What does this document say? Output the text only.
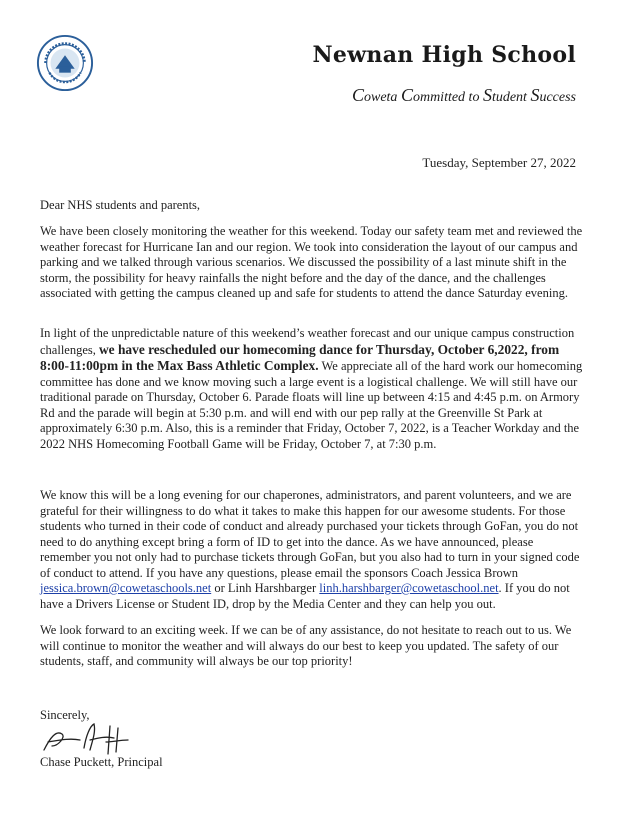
Newnan High School
Coweta Committed to Student Success
Tuesday, September 27, 2022

Dear NHS students and parents,

We have been closely monitoring the weather for this weekend. Today our safety team met and reviewed the weather forecast for Hurricane Ian and our region. We took into consideration the layout of our campus and parking and we talked through various scenarios. We discussed the possibility of a last minute shift in the storm, the possibility for heavy rainfalls the night before and the day of the dance, and the challenges associated with getting the campus cleaned up and safe for students to attend the dance Saturday evening.

In light of the unpredictable nature of this weekend’s weather forecast and our unique campus construction challenges, we have rescheduled our homecoming dance for Thursday, October 6,2022, from 8:00-11:00pm in the Max Bass Athletic Complex. We appreciate all of the hard work our homecoming committee has done and we know moving such a large event is a logistical challenge. We will still have our traditional parade on Thursday, October 6. Parade floats will line up between 4:15 and 4:45 p.m. on Armory Rd and the parade will begin at 5:30 p.m. and will end with our pep rally at the Greenville St Park at approximately 6:30 p.m. Also, this is a reminder that Friday, October 7, 2022, is a Teacher Workday and the 2022 NHS Homecoming Football Game will be Friday, October 7, at 7:30 p.m.

We know this will be a long evening for our chaperones, administrators, and parent volunteers, and we are grateful for their willingness to do what it takes to make this happen for our awesome students. For those students who turned in their code of conduct and already purchased your tickets through GoFan, you do not need to do anything except bring a form of ID to get into the dance. As we have announced, please remember you not only had to purchase tickets through GoFan, but you also had to turn in your signed code of conduct to attend. If you have any questions, please email the sponsors Coach Jessica Brown jessica.brown@cowetaschools.net or Linh Harshbarger linh.harshbarger@cowetaschool.net. If you do not have a Drivers License or Student ID, drop by the Media Center and they can help you out.

We look forward to an exciting week. If we can be of any assistance, do not hesitate to reach out to us. We will continue to monitor the weather and will always do our best to keep you updated. The safety of our students, staff, and community will always be our top priority!

Sincerely,

Chase Puckett, Principal
